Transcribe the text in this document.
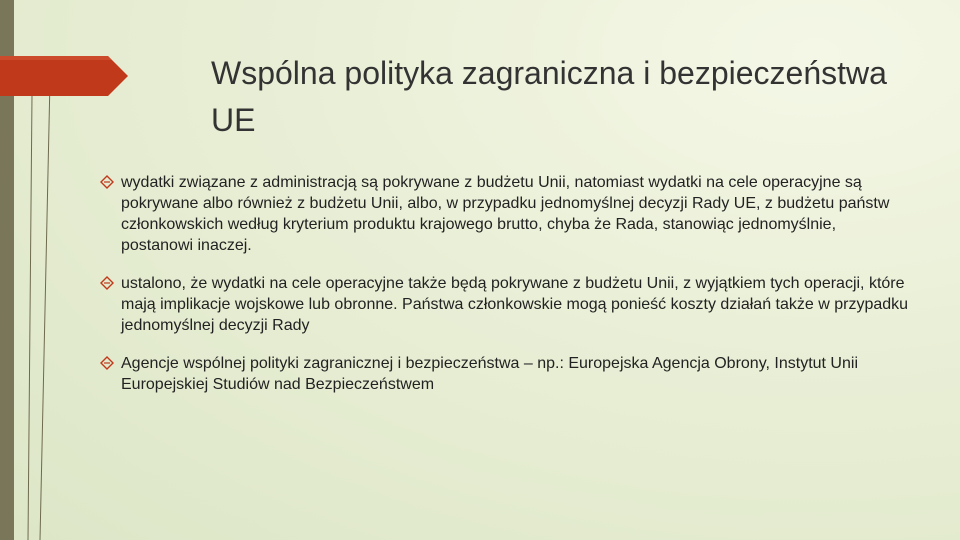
Wspólna polityka zagraniczna i bezpieczeństwa UE
wydatki związane z administracją są pokrywane z budżetu Unii, natomiast wydatki na cele operacyjne są pokrywane albo również z budżetu Unii, albo, w przypadku jednomyślnej decyzji Rady UE, z budżetu państw członkowskich według kryterium produktu krajowego brutto, chyba że Rada, stanowiąc jednomyślnie, postanowi inaczej.
ustalono, że wydatki na cele operacyjne także będą pokrywane z budżetu Unii, z wyjątkiem tych operacji, które mają implikacje wojskowe lub obronne. Państwa członkowskie mogą ponieść koszty działań także w przypadku jednomyślnej decyzji Rady
Agencje wspólnej polityki zagranicznej i bezpieczeństwa – np.: Europejska Agencja Obrony, Instytut Unii Europejskiej Studiów nad Bezpieczeństwem
